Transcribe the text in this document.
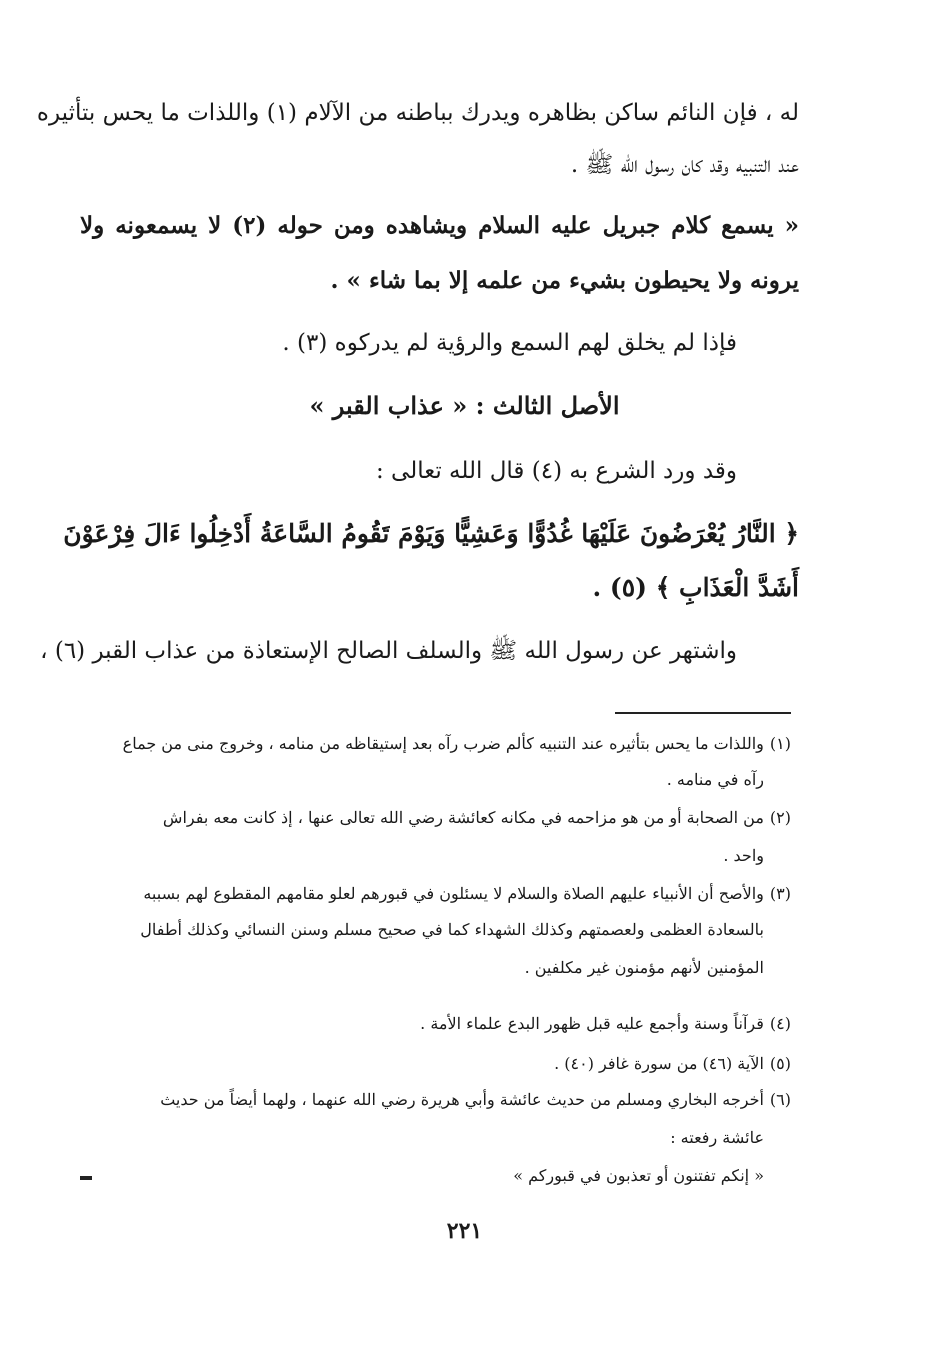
له ، فإن النائم ساكن بظاهره ويدرك بباطنه من الآلام (١) واللذات ما يحس بتأثيره
عند التنبيه وقد كان رسول الله ﷺ .
« يسمع كلام جبريل عليه السلام ويشاهده ومن حوله (٢) لا يسمعونه ولا
يرونه ولا يحيطون بشيء من علمه إلا بما شاء » .
فإذا لم يخلق لهم السمع والرؤية لم يدركوه (٣) .
الأصل الثالث : « عذاب القبر »
وقد ورد الشرع به (٤) قال الله تعالى :
﴿ النَّارُ يُعْرَضُونَ عَلَيْهَا غُدُوًّا وَعَشِيًّا وَيَوْمَ تَقُومُ السَّاعَةُ أَدْخِلُوا ءَالَ فِرْعَوْنَ
أَشَدَّ الْعَذَابِ ﴾ (٥) .
واشتهر عن رسول الله ﷺ والسلف الصالح الإستعاذة من عذاب القبر (٦) ،
(١)واللذات ما يحس بتأثيره عند التنبيه كألم ضرب رآه بعد إستيقاظه من منامه ، وخروج منى من جماع
رآه في منامه .
(٢)من الصحابة أو من هو مزاحمه في مكانه كعائشة رضي الله تعالى عنها ، إذ كانت معه بفراش
واحد .
(٣)والأصح أن الأنبياء عليهم الصلاة والسلام لا يسئلون في قبورهم لعلو مقامهم المقطوع لهم بسببه
بالسعادة العظمى ولعصمتهم وكذلك الشهداء كما في صحيح مسلم وسنن النسائي وكذلك أطفال
المؤمنين لأنهم مؤمنون غير مكلفين .
(٤)قرآناً وسنة وأجمع عليه قبل ظهور البدع علماء الأمة .
(٥)الآية (٤٦) من سورة غافر (٤٠) .
(٦)أخرجه البخاري ومسلم من حديث عائشة وأبي هريرة رضي الله عنهما ، ولهما أيضاً من حديث
عائشة رفعته :
« إنكم تفتنون أو تعذبون في قبوركم »
٢٢١
